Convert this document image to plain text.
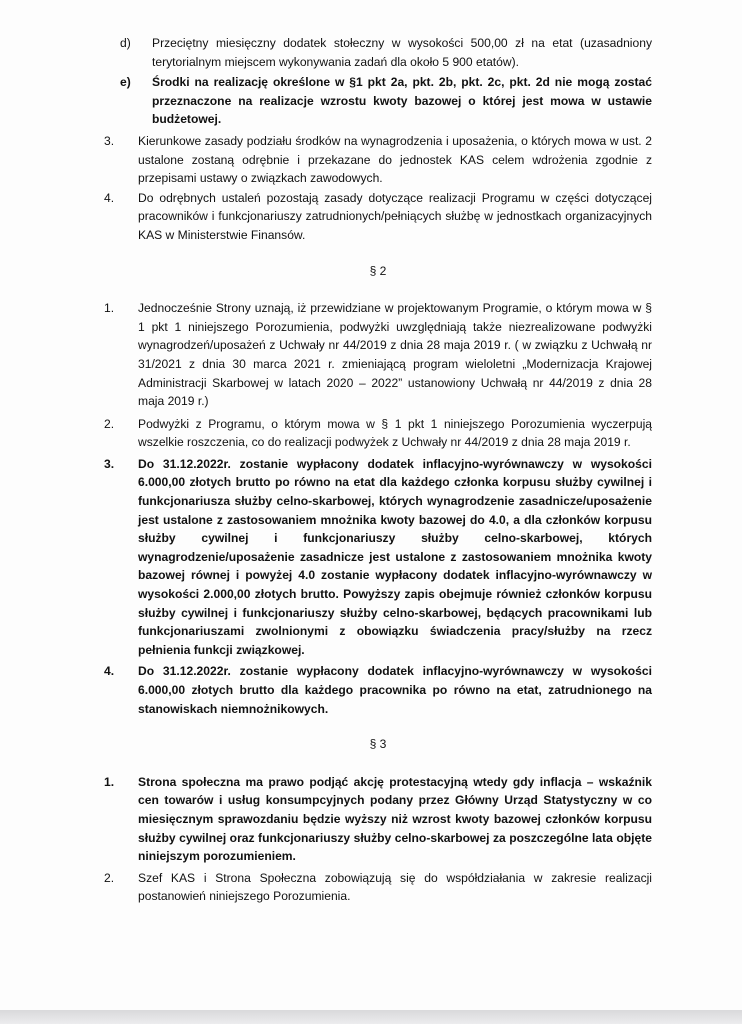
d) Przeciętny miesięczny dodatek stołeczny w wysokości 500,00 zł na etat (uzasadniony terytorialnym miejscem wykonywania zadań dla około 5 900 etatów).
e) Środki na realizację określone w §1 pkt 2a, pkt. 2b, pkt. 2c, pkt. 2d nie mogą zostać przeznaczone na realizacje wzrostu kwoty bazowej o której jest mowa w ustawie budżetowej.
3. Kierunkowe zasady podziału środków na wynagrodzenia i uposażenia, o których mowa w ust. 2 ustalone zostaną odrębnie i przekazane do jednostek KAS celem wdrożenia zgodnie z przepisami ustawy o związkach zawodowych.
4. Do odrębnych ustaleń pozostają zasady dotyczące realizacji Programu w części dotyczącej pracowników i funkcjonariuszy zatrudnionych/pełniących służbę w jednostkach organizacyjnych KAS w Ministerstwie Finansów.
§ 2
1. Jednocześnie Strony uznają, iż przewidziane w projektowanym Programie, o którym mowa w § 1 pkt 1 niniejszego Porozumienia, podwyżki uwzględniają także niezrealizowane podwyżki wynagrodzeń/uposażeń z Uchwały nr 44/2019 z dnia 28 maja 2019 r. ( w związku z Uchwałą nr 31/2021 z dnia 30 marca 2021 r. zmieniającą program wieloletni „Modernizacja Krajowej Administracji Skarbowej w latach 2020 – 2022” ustanowiony Uchwałą nr 44/2019 z dnia 28 maja 2019 r.)
2. Podwyżki z Programu, o którym mowa w § 1 pkt 1 niniejszego Porozumienia wyczerpują wszelkie roszczenia, co do realizacji podwyżek z Uchwały nr 44/2019 z dnia 28 maja 2019 r.
3. Do 31.12.2022r. zostanie wypłacony dodatek inflacyjno-wyrównawczy w wysokości 6.000,00 złotych brutto po równo na etat dla każdego członka korpusu służby cywilnej i funkcjonariusza służby celno-skarbowej, których wynagrodzenie zasadnicze/uposażenie jest ustalone z zastosowaniem mnożnika kwoty bazowej do 4.0, a dla członków korpusu służby cywilnej i funkcjonariuszy służby celno-skarbowej, których wynagrodzenie/uposażenie zasadnicze jest ustalone z zastosowaniem mnożnika kwoty bazowej równej i powyżej 4.0 zostanie wypłacony dodatek inflacyjno-wyrównawczy w wysokości 2.000,00 złotych brutto. Powyższy zapis obejmuje również członków korpusu służby cywilnej i funkcjonariuszy służby celno-skarbowej, będących pracownikami lub funkcjonariuszami zwolnionymi z obowiązku świadczenia pracy/służby na rzecz pełnienia funkcji związkowej.
4. Do 31.12.2022r. zostanie wypłacony dodatek inflacyjno-wyrównawczy w wysokości 6.000,00 złotych brutto dla każdego pracownika po równo na etat, zatrudnionego na stanowiskach niemnożnikowych.
§ 3
1. Strona społeczna ma prawo podjąć akcję protestacyjną wtedy gdy inflacja – wskaźnik cen towarów i usług konsumpcyjnych podany przez Główny Urząd Statystyczny w co miesięcznym sprawozdaniu będzie wyższy niż wzrost kwoty bazowej członków korpusu służby cywilnej oraz funkcjonariuszy służby celno-skarbowej za poszczególne lata objęte niniejszym porozumieniem.
2. Szef KAS i Strona Społeczna zobowiązują się do współdziałania w zakresie realizacji postanowień niniejszego Porozumienia.
